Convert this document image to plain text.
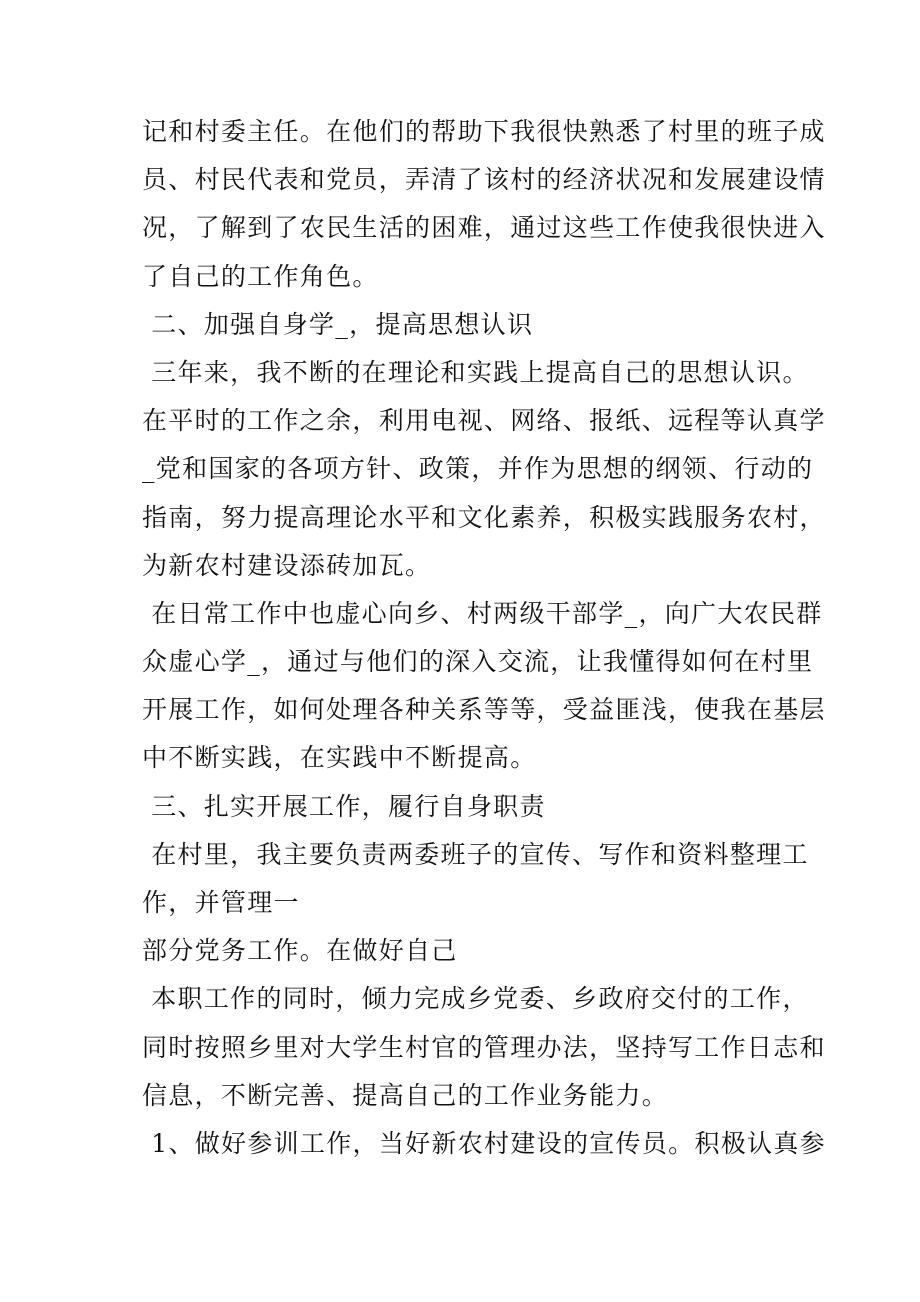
记和村委主任。在他们的帮助下我很快熟悉了村里的班子成
员、村民代表和党员，弄清了该村的经济状况和发展建设情
况，了解到了农民生活的困难，通过这些工作使我很快进入
了自己的工作角色。
二、加强自身学_，提高思想认识
三年来，我不断的在理论和实践上提高自己的思想认识。
在平时的工作之余，利用电视、网络、报纸、远程等认真学
_党和国家的各项方针、政策，并作为思想的纲领、行动的
指南，努力提高理论水平和文化素养，积极实践服务农村，
为新农村建设添砖加瓦。
在日常工作中也虚心向乡、村两级干部学_，向广大农民群
众虚心学_，通过与他们的深入交流，让我懂得如何在村里
开展工作，如何处理各种关系等等，受益匪浅，使我在基层
中不断实践，在实践中不断提高。
三、扎实开展工作，履行自身职责
在村里，我主要负责两委班子的宣传、写作和资料整理工
作，并管理一
部分党务工作。在做好自己
本职工作的同时，倾力完成乡党委、乡政府交付的工作，
同时按照乡里对大学生村官的管理办法，坚持写工作日志和
信息，不断完善、提高自己的工作业务能力。
1、做好参训工作，当好新农村建设的宣传员。积极认真参
